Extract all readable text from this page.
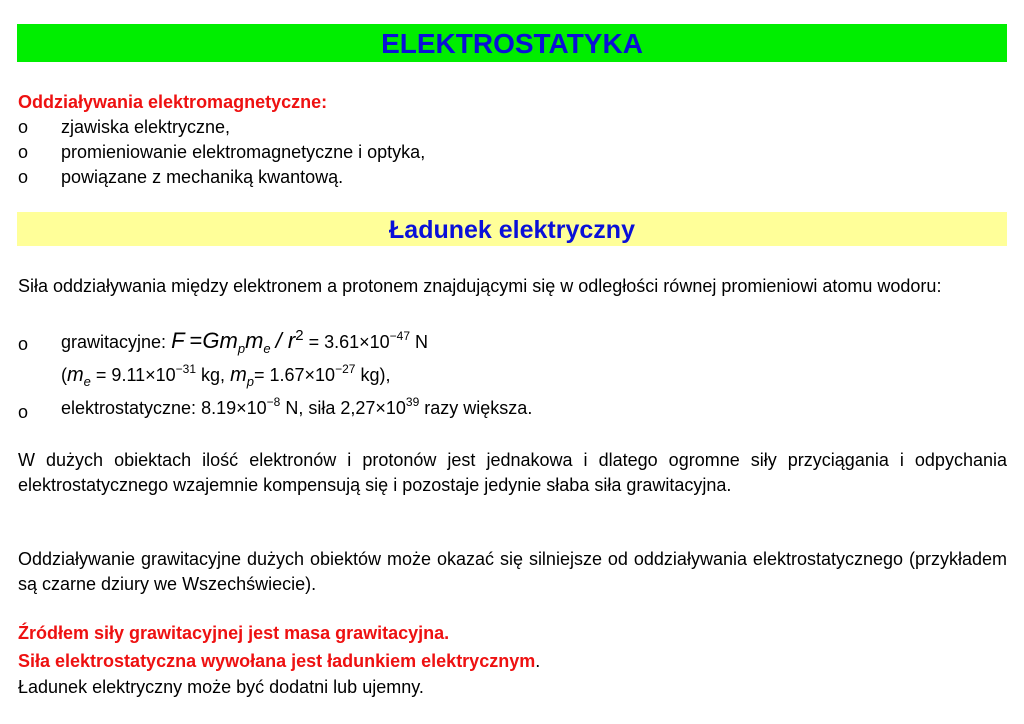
ELEKTROSTATYKA
Oddziaływania elektromagnetyczne:
o zjawiska elektryczne,
o promieniowanie elektromagnetyczne i optyka,
o powiązane z mechaniką kwantową.
Ładunek elektryczny
Siła oddziaływania między elektronem a protonem znajdującymi się w odległości równej promieniowi atomu wodoru:
o grawitacyjne: $F =Gm_pm_e / r^2 = 3.61\times 10^{-47}$ N
($m_e = 9.11\times 10^{-31}$ kg, $m_p= 1.67\times 10^{-27}$ kg),
o elektrostatyczne: $8.19\times 10^{-8}$ N, siła $2,27\times 10^{39}$ razy większa.
W dużych obiektach ilość elektronów i protonów jest jednakowa i dlatego ogromne siły przyciągania i odpychania elektrostatycznego wzajemnie kompensują się i pozostaje jedynie słaba siła grawitacyjna.
Oddziaływanie grawitacyjne dużych obiektów może okazać się silniejsze od oddziaływania elektrostatycznego (przykładem są czarne dziury we Wszechświecie).
Źródłem siły grawitacyjnej jest masa grawitacyjna.
Siła elektrostatyczna wywołana jest ładunkiem elektrycznym.
Ładunek elektryczny może być dodatni lub ujemny.
